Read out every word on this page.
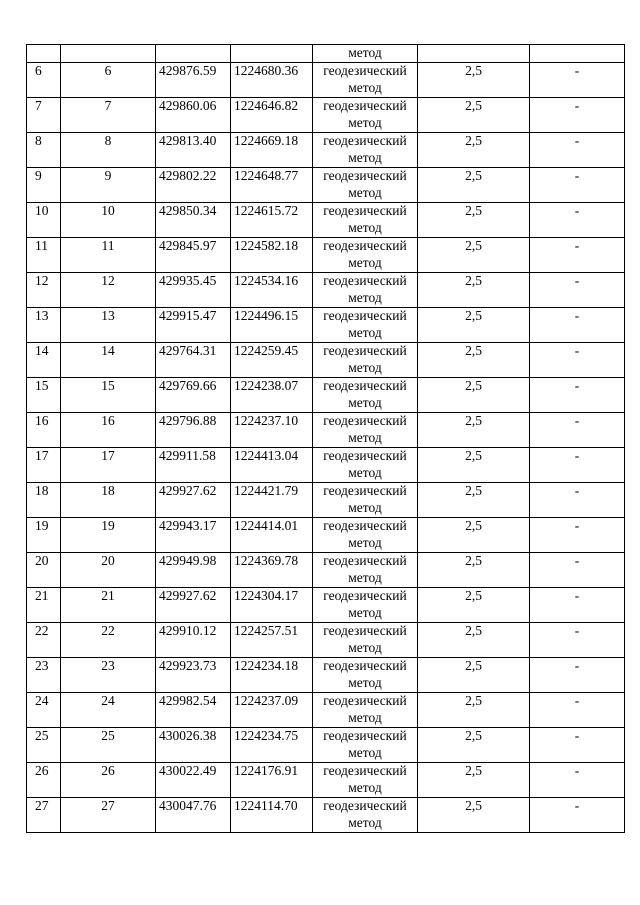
				метод		
6	6	429876.59	1224680.36	геодезический
метод	2,5	-
7	7	429860.06	1224646.82	геодезический
метод	2,5	-
8	8	429813.40	1224669.18	геодезический
метод	2,5	-
9	9	429802.22	1224648.77	геодезический
метод	2,5	-
10	10	429850.34	1224615.72	геодезический
метод	2,5	-
11	11	429845.97	1224582.18	геодезический
метод	2,5	-
12	12	429935.45	1224534.16	геодезический
метод	2,5	-
13	13	429915.47	1224496.15	геодезический
метод	2,5	-
14	14	429764.31	1224259.45	геодезический
метод	2,5	-
15	15	429769.66	1224238.07	геодезический
метод	2,5	-
16	16	429796.88	1224237.10	геодезический
метод	2,5	-
17	17	429911.58	1224413.04	геодезический
метод	2,5	-
18	18	429927.62	1224421.79	геодезический
метод	2,5	-
19	19	429943.17	1224414.01	геодезический
метод	2,5	-
20	20	429949.98	1224369.78	геодезический
метод	2,5	-
21	21	429927.62	1224304.17	геодезический
метод	2,5	-
22	22	429910.12	1224257.51	геодезический
метод	2,5	-
23	23	429923.73	1224234.18	геодезический
метод	2,5	-
24	24	429982.54	1224237.09	геодезический
метод	2,5	-
25	25	430026.38	1224234.75	геодезический
метод	2,5	-
26	26	430022.49	1224176.91	геодезический
метод	2,5	-
27	27	430047.76	1224114.70	геодезический
метод	2,5	-
